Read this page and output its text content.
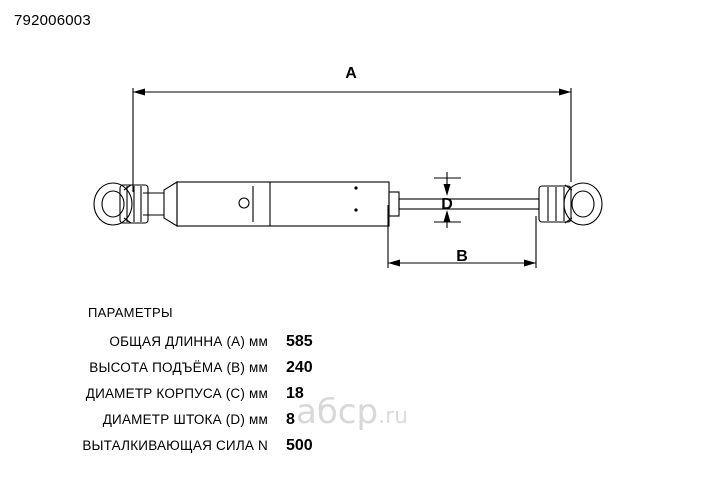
792006003
A
B
D
абср.ru
ПАРАМЕТРЫ
ОБЩАЯ ДЛИННА (A) мм 585
ВЫСОТА ПОДЪЁМА (B) мм 240
ДИАМЕТР КОРПУСА (C) мм 18
ДИАМЕТР ШТОКА (D) мм 8
ВЫТАЛКИВАЮЩАЯ СИЛА N 500
